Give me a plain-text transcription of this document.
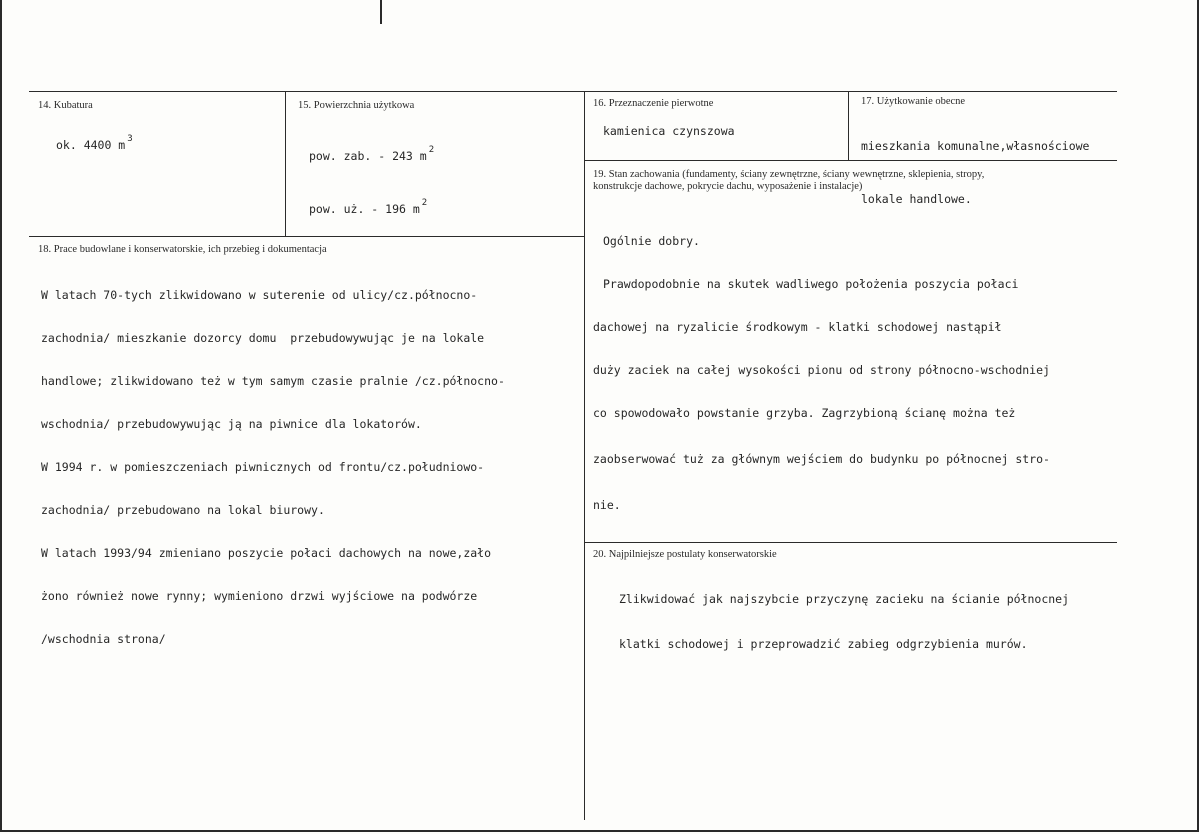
14. Kubatura
ok. 4400 m $^3$
15. Powierzchnia użytkowa

pow. zab. - 243 m $^2$

pow. uż. - 196 m $^2$

16. Przeznaczenie pierwotne
kamienica czynszowa
17. Użytkowanie obecne

mieszkania komunalne,własnościowe

lokale handlowe.

18. Prace budowlane i konserwatorskie, ich przebieg i dokumentacja

W latach 70-tych zlikwidowano w suterenie od ulicy/cz.północno-

zachodnia/ mieszkanie dozorcy domu  przebudowywując je na lokale

handlowe; zlikwidowano też w tym samym czasie pralnie /cz.północno-

wschodnia/ przebudowywując ją na piwnice dla lokatorów.

W 1994 r. w pomieszczeniach piwnicznych od frontu/cz.południowo-

zachodnia/ przebudowano na lokal biurowy.

W latach 1993/94 zmieniano poszycie połaci dachowych na nowe,zało

żono również nowe rynny; wymieniono drzwi wyjściowe na podwórze

/wschodnia strona/

19. Stan zachowania (fundamenty, ściany zewnętrzne, ściany wewnętrzne, sklepienia, stropy,
konstrukcje dachowe, pokrycie dachu, wyposażenie i instalacje)

Ogólnie dobry.

Prawdopodobnie na skutek wadliwego położenia poszycia połaci

dachowej na ryzalicie środkowym - klatki schodowej nastąpił

duży zaciek na całej wysokości pionu od strony północno-wschodniej

co spowodowało powstanie grzyba. Zagrzybioną ścianę można też

zaobserwować tuż za głównym wejściem do budynku po północnej stro-

nie.

20. Najpilniejsze postulaty konserwatorskie

Zlikwidować jak najszybcie przyczynę zacieku na ścianie północnej

klatki schodowej i przeprowadzić zabieg odgrzybienia murów.
